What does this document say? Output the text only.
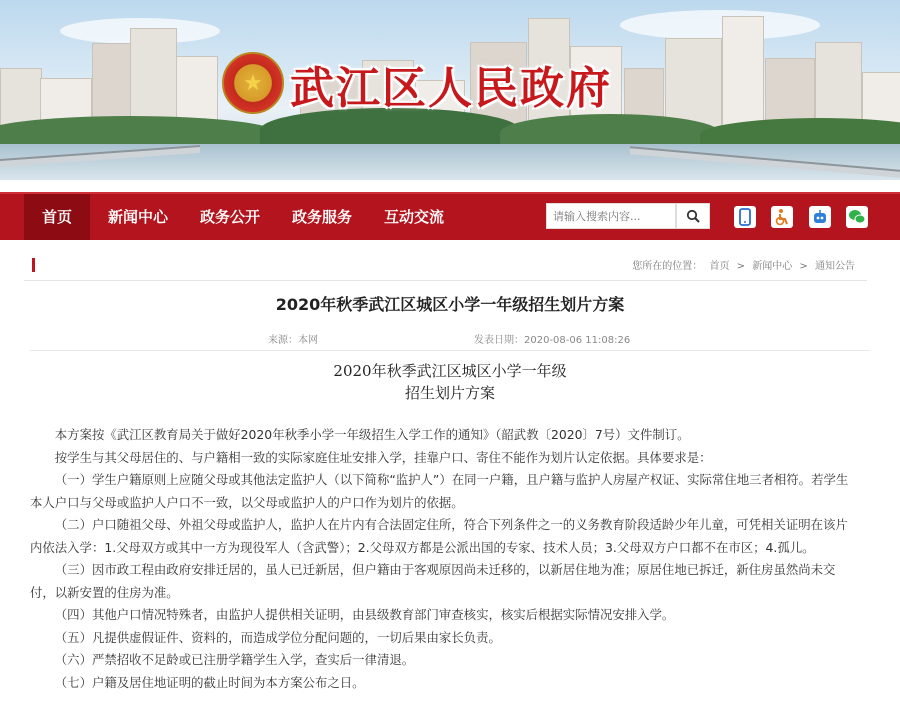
★ 武江区人民政府
首页	新闻中心	政务公开	政务服务	互动交流	请输入搜索内容...
您所在的位置： 首页 > 新闻中心 > 通知公告
2020年秋季武江区城区小学一年级招生划片方案
来源：本网	发表日期：2020-08-06 11:08:26
2020年秋季武江区城区小学一年级
招生划片方案

本方案按《武江区教育局关于做好2020年秋季小学一年级招生入学工作的通知》（韶武教〔2020〕7号）文件制订。

按学生与其父母居住的、与户籍相一致的实际家庭住址安排入学，挂靠户口、寄住不能作为划片认定依据。具体要求是：

（一）学生户籍原则上应随父母或其他法定监护人（以下简称“监护人”）在同一户籍，且户籍与监护人房屋产权证、实际常住地三者相符。若学生本人户口与父母或监护人户口不一致，以父母或监护人的户口作为划片的依据。

（二）户口随祖父母、外祖父母或监护人，监护人在片内有合法固定住所，符合下列条件之一的义务教育阶段适龄少年儿童，可凭相关证明在该片内依法入学：1.父母双方或其中一方为现役军人（含武警）；2.父母双方都是公派出国的专家、技术人员；3.父母双方户口都不在市区；4.孤儿。

（三）因市政工程由政府安排迁居的，虽人已迁新居，但户籍由于客观原因尚未迁移的，以新居住地为准；原居住地已拆迁，新住房虽然尚未交付，以新安置的住房为准。

（四）其他户口情况特殊者，由监护人提供相关证明，由县级教育部门审查核实，核实后根据实际情况安排入学。

（五）凡提供虚假证件、资料的，而造成学位分配问题的，一切后果由家长负责。

（六）严禁招收不足龄或已注册学籍学生入学，查实后一律清退。

（七）户籍及居住地证明的截止时间为本方案公布之日。
